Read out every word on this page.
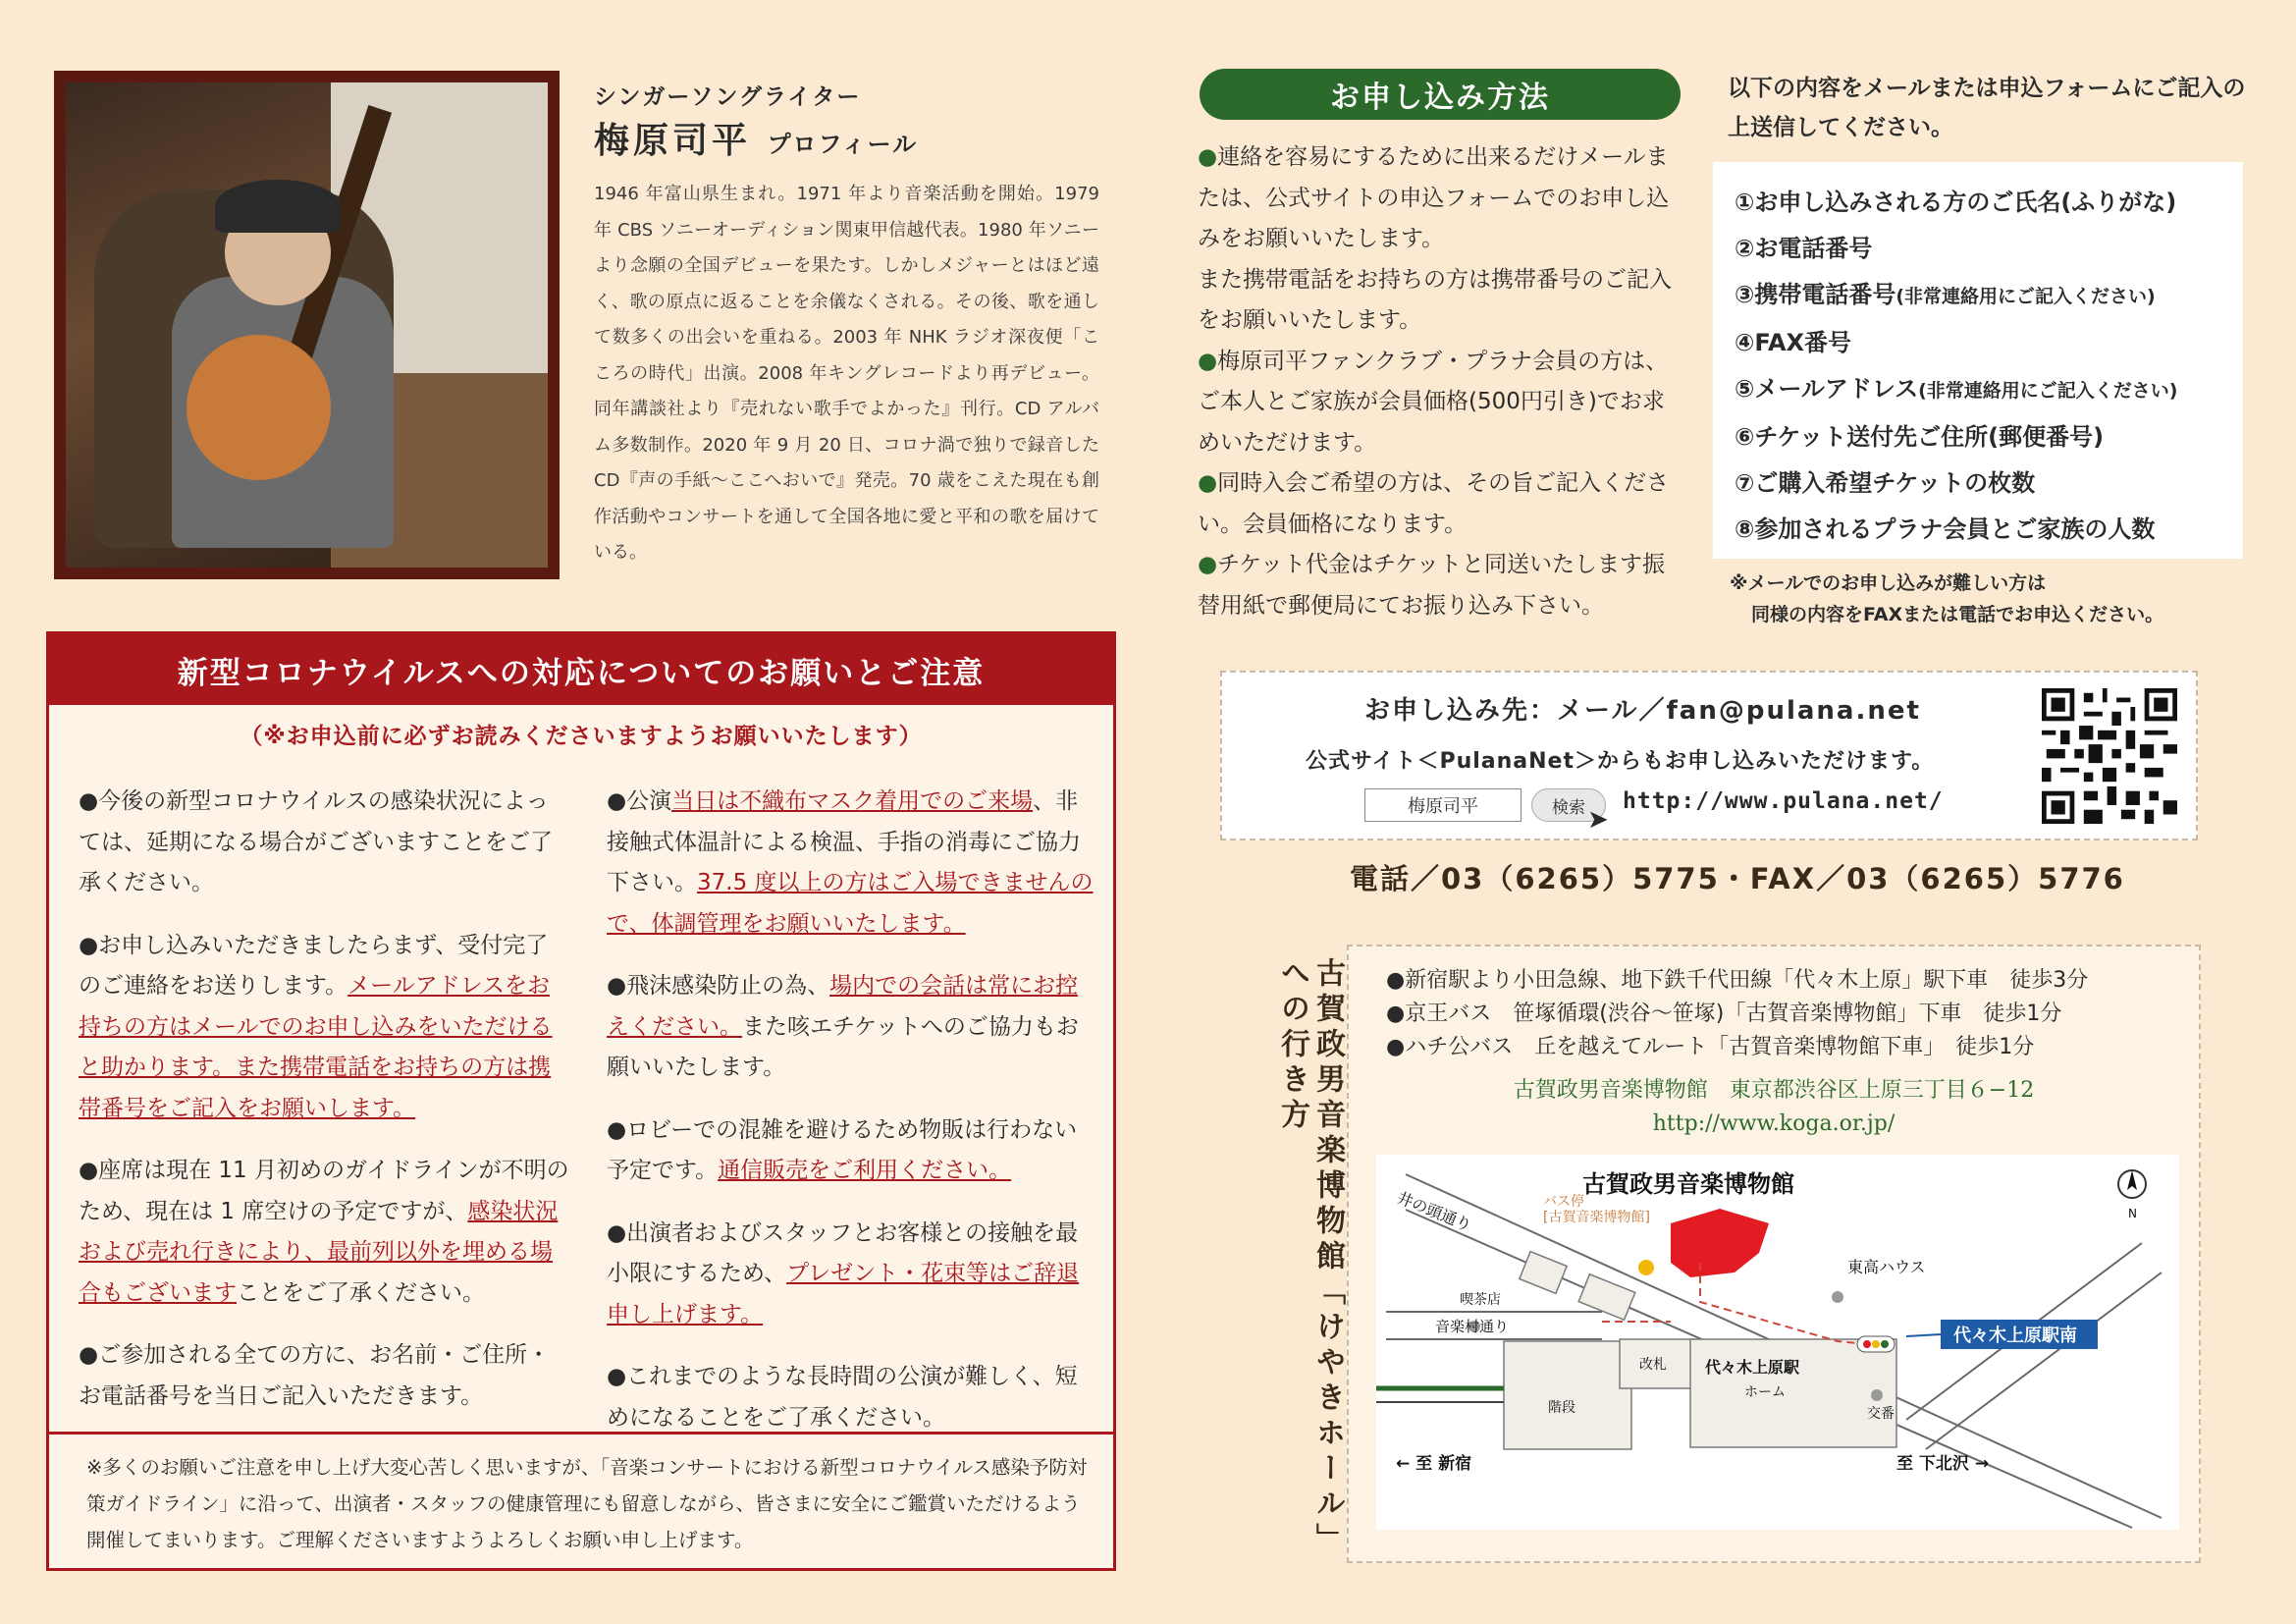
シンガーソングライター
梅原司平 プロフィール
1946 年富山県生まれ。1971 年より音楽活動を開始。1979 年 CBS ソニーオーディション関東甲信越代表。1980 年ソニーより念願の全国デビューを果たす。しかしメジャーとはほど遠く、歌の原点に返ることを余儀なくされる。その後、歌を通して数多くの出会いを重ねる。2003 年 NHK ラジオ深夜便「こころの時代」出演。2008 年キングレコードより再デビュー。同年講談社より『売れない歌手でよかった』刊行。CD アルバム多数制作。2020 年 9 月 20 日、コロナ渦で独りで録音した CD『声の手紙〜ここへおいで』発売。70 歳をこえた現在も創作活動やコンサートを通して全国各地に愛と平和の歌を届けている。
お申し込み方法
●連絡を容易にするために出来るだけメールまたは、公式サイトの申込フォームでのお申し込みをお願いいたします。
また携帯電話をお持ちの方は携帯番号のご記入をお願いいたします。
●梅原司平ファンクラブ・プラナ会員の方は、ご本人とご家族が会員価格(500円引き)でお求めいただけます。
●同時入会ご希望の方は、その旨ご記入ください。会員価格になります。
●チケット代金はチケットと同送いたします振替用紙で郵便局にてお振り込み下さい。
以下の内容をメールまたは申込フォームにご記入の上送信してください。
①お申し込みされる方のご氏名(ふりがな)
②お電話番号
③携帯電話番号(非常連絡用にご記入ください)
④FAX番号
⑤メールアドレス(非常連絡用にご記入ください)
⑥チケット送付先ご住所(郵便番号)
⑦ご購入希望チケットの枚数
⑧参加されるプラナ会員とご家族の人数
※メールでのお申し込みが難しい方は
同様の内容をFAXまたは電話でお申込ください。
お申し込み先：メール／fan@pulana.net
公式サイト＜PulanaNet＞からもお申し込みいただけます。
梅原司平	検索 ➤
http://www.pulana.net/
電話／03（6265）5775・FAX／03（6265）5776
新型コロナウイルスへの対応についてのお願いとご注意
（※お申込前に必ずお読みくださいますようお願いいたします）

●今後の新型コロナウイルスの感染状況によっては、延期になる場合がございますことをご了承ください。

●お申し込みいただきましたらまず、受付完了のご連絡をお送りします。メールアドレスをお持ちの方はメールでのお申し込みをいただけると助かります。また携帯電話をお持ちの方は携帯番号をご記入をお願いします。

●座席は現在 11 月初めのガイドラインが不明のため、現在は 1 席空けの予定ですが、感染状況および売れ行きにより、最前列以外を埋める場合もございますことをご了承ください。

●ご参加される全ての方に、お名前・ご住所・お電話番号を当日ご記入いただきます。

●公演当日は不織布マスク着用でのご来場、非接触式体温計による検温、手指の消毒にご協力下さい。37.5 度以上の方はご入場できませんので、体調管理をお願いいたします。

●飛沫感染防止の為、場内での会話は常にお控えください。また咳エチケットへのご協力もお願いいたします。

●ロビーでの混雑を避けるため物販は行わない予定です。通信販売をご利用ください。

●出演者およびスタッフとお客様との接触を最小限にするため、プレゼント・花束等はご辞退申し上げます。

●これまでのような長時間の公演が難しく、短めになることをご了承ください。

※多くのお願いご注意を申し上げ大変心苦しく思いますが、「音楽コンサートにおける新型コロナウイルス感染予防対策ガイドライン」に沿って、出演者・スタッフの健康管理にも留意しながら、皆さまに安全にご鑑賞いただけるよう開催してまいります。ご理解くださいますようよろしくお願い申し上げます。	古賀政男音楽博物館「けやきホール」への行き方	●新宿駅より小田急線、地下鉄千代田線「代々木上原」駅下車　徒歩3分
●京王バス　笹塚循環(渋谷〜笹塚)「古賀音楽博物館」下車　徒歩1分
●ハチ公バス　丘を越えてルート「古賀音楽博物館下車」　徒歩1分
古賀政男音楽博物館　東京都渋谷区上原三丁目６−12
http://www.koga.or.jp/
古賀政男音楽博物館
井の頭通り	バス停
[古賀音楽博物館]
東高ハウス
喫茶店
代々木上原駅南
音楽村通り
改札 代々木上原駅
ホーム
階段	交番
← 至 新宿	至 下北沢 →
N
